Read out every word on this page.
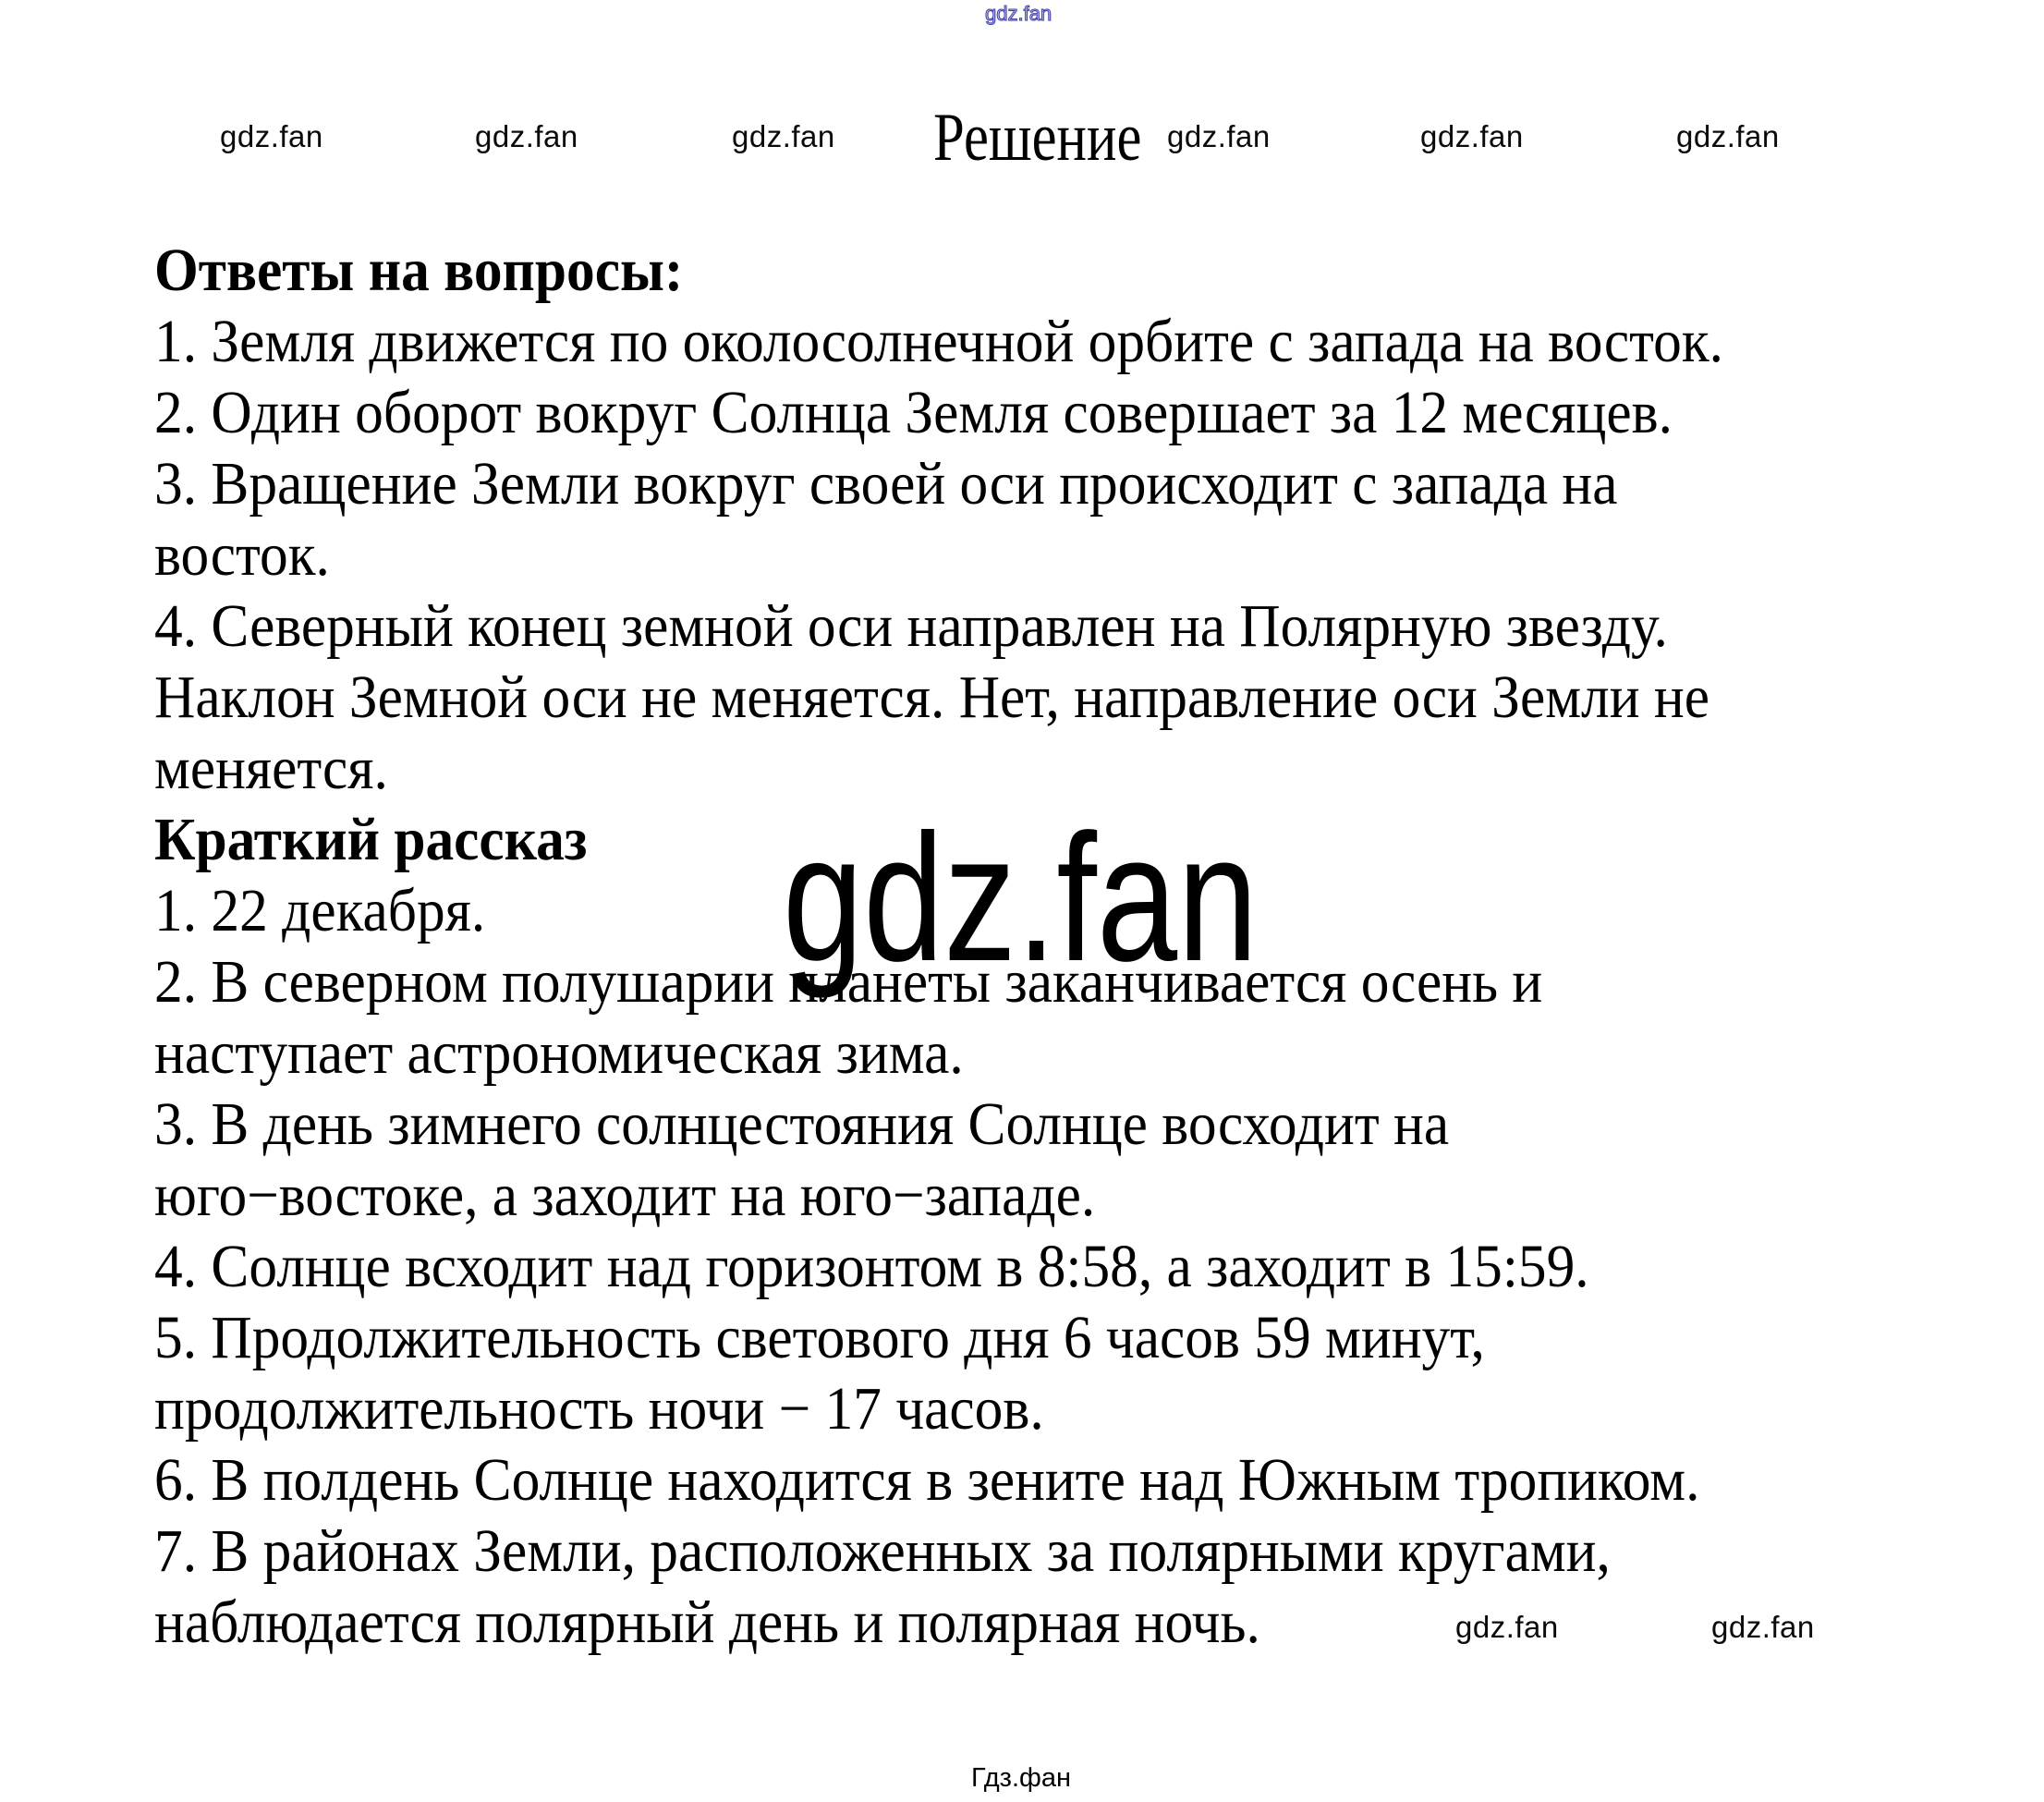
gdz.fan
gdz.fan	gdz.fan	gdz.fan	gdz.fan	gdz.fan	gdz.fan
Решение
gdz.fan
Ответы на вопросы:
1. Земля движется по околосолнечной орбите с запада на восток.
2. Один оборот вокруг Солнца Земля совершает за 12 месяцев.
3. Вращение Земли вокруг своей оси происходит с запада на
восток.
4. Северный конец земной оси направлен на Полярную звезду.
Наклон Земной оси не меняется. Нет, направление оси Земли не
меняется.
Краткий рассказ
1. 22 декабря.
2. В северном полушарии планеты заканчивается осень и
наступает астрономическая зима.
3. В день зимнего солнцестояния Солнце восходит на
юго−востоке, а заходит на юго−западе.
4. Солнце всходит над горизонтом в 8:58, а заходит в 15:59.
5. Продолжительность светового дня 6 часов 59 минут,
продолжительность ночи − 17 часов.
6. В полдень Солнце находится в зените над Южным тропиком.
7. В районах Земли, расположенных за полярными кругами,
наблюдается полярный день и полярная ночь.	gdz.fan	gdz.fan
Гдз.фан
